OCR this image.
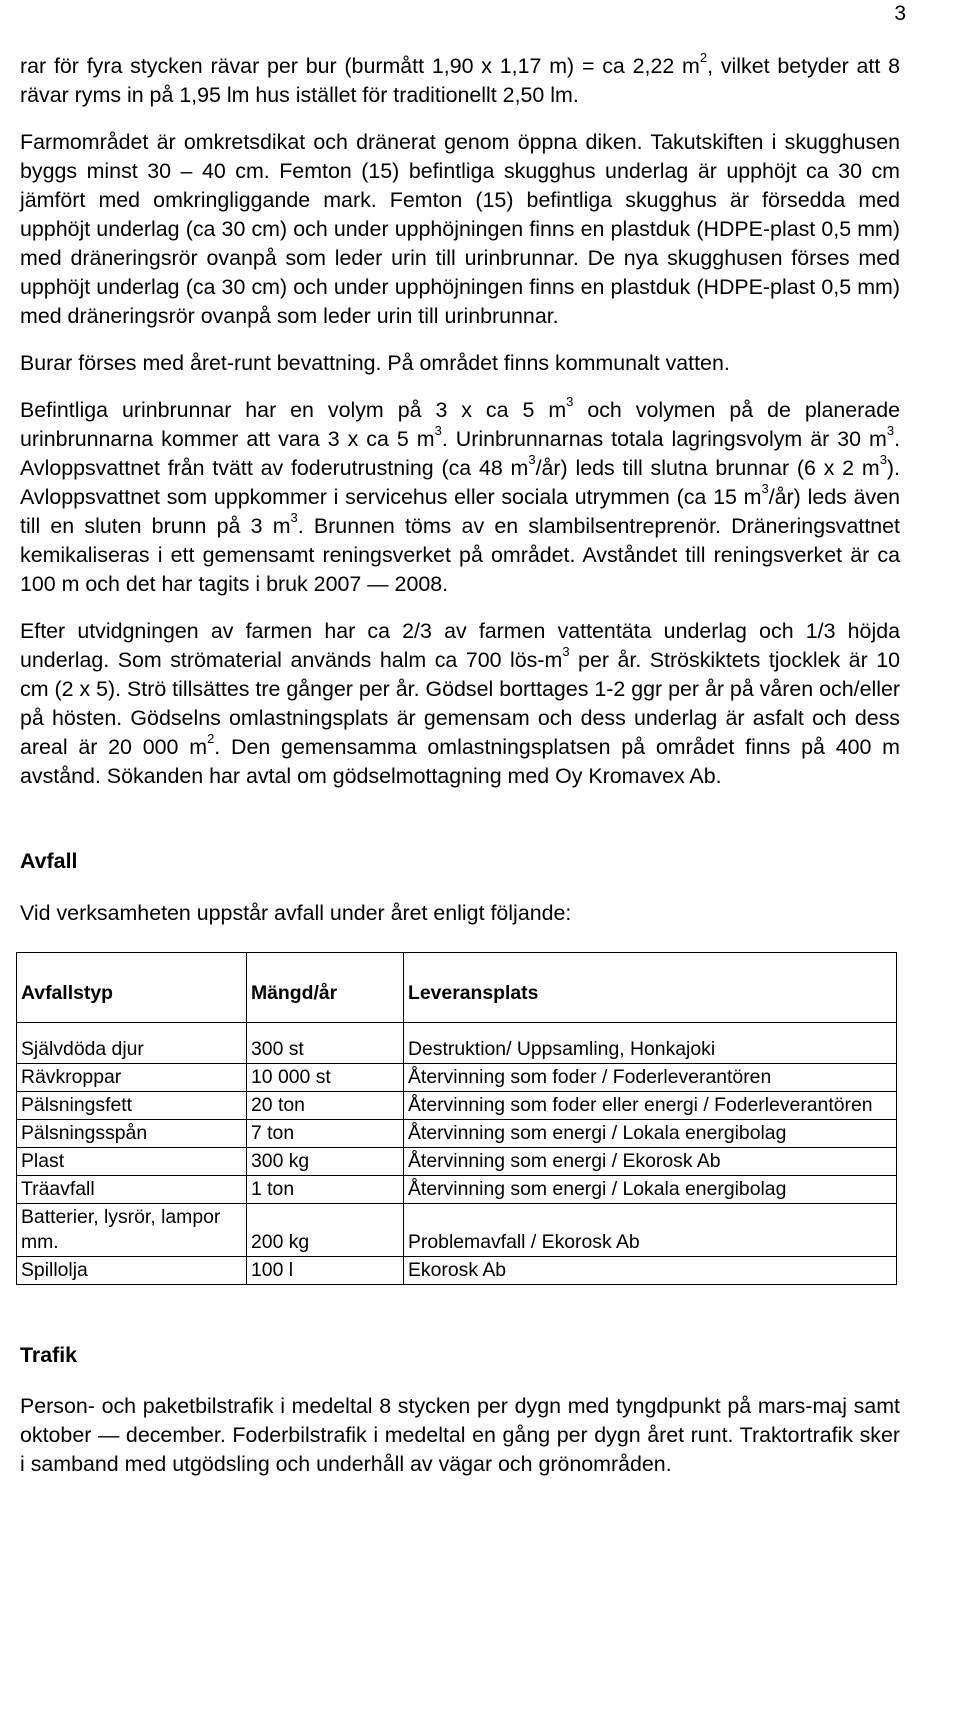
3

rar för fyra stycken rävar per bur (burmått 1,90 x 1,17 m) = ca 2,22 $m^2$, vilket betyder att 8 rävar ryms in på 1,95 lm hus istället för traditionellt 2,50 lm.

Farmområdet är omkretsdikat och dränerat genom öppna diken. Takutskiften i skugghusen byggs minst 30 – 40 cm. Femton (15) befintliga skugghus underlag är upphöjt ca 30 cm jämfört med omkringliggande mark. Femton (15) befintliga skugghus är försedda med upphöjt underlag (ca 30 cm) och under upphöjningen finns en plastduk (HDPE-plast 0,5 mm) med dräneringsrör ovanpå som leder urin till urinbrunnar. De nya skugghusen förses med upphöjt underlag (ca 30 cm) och under upphöjningen finns en plastduk (HDPE-plast 0,5 mm) med dräneringsrör ovanpå som leder urin till urinbrunnar.

Burar förses med året-runt bevattning. På området finns kommunalt vatten.

Befintliga urinbrunnar har en volym på 3 x ca 5 $m^3$ och volymen på de planerade urinbrunnarna kommer att vara 3 x ca 5 $m^3$. Urinbrunnarnas totala lagringsvolym är 30 $m^3$. Avloppsvattnet från tvätt av foderutrustning (ca 48 $m^3/år$) leds till slutna brunnar (6 x 2 $m^3$). Avloppsvattnet som uppkommer i servicehus eller sociala utrymmen (ca 15 $m^3/år$) leds även till en sluten brunn på 3 $m^3$. Brunnen töms av en slambilsentreprenör. Dräneringsvattnet kemikaliseras i ett gemensamt reningsverket på området. Avståndet till reningsverket är ca 100 m och det har tagits i bruk 2007 — 2008.

Efter utvidgningen av farmen har ca 2/3 av farmen vattentäta underlag och 1/3 höjda underlag. Som strömaterial används halm ca 700 lös-$m^3$ per år. Ströskiktets tjocklek är 10 cm (2 x 5). Strö tillsättes tre gånger per år. Gödsel borttages 1-2 ggr per år på våren och/eller på hösten. Gödselns omlastningsplats är gemensam och dess underlag är asfalt och dess areal är 20 000 $m^2$. Den gemensamma omlastningsplatsen på området finns på 400 m avstånd. Sökanden har avtal om gödselmottagning med Oy Kromavex Ab.

Avfall
Vid verksamheten uppstår avfall under året enligt följande:
Avfallstyp	Mängd/år	Leveransplats
Självdöda djur	300 st	Destruktion/ Uppsamling, Honkajoki
Rävkroppar	10 000 st	Återvinning som foder / Foderleverantören
Pälsningsfett	20 ton	Återvinning som foder eller energi / Foderleverantören
Pälsningsspån	7 ton	Återvinning som energi / Lokala energibolag
Plast	300 kg	Återvinning som energi / Ekorosk Ab
Träavfall	1 ton	Återvinning som energi / Lokala energibolag
Batterier, lysrör, lampor mm.	200 kg	Problemavfall / Ekorosk Ab
Spillolja	100 l	Ekorosk Ab
Trafik

Person- och paketbilstrafik i medeltal 8 stycken per dygn med tyngdpunkt på mars-maj samt oktober — december. Foderbilstrafik i medeltal en gång per dygn året runt. Traktortrafik sker i samband med utgödsling och underhåll av vägar och grönområden.
